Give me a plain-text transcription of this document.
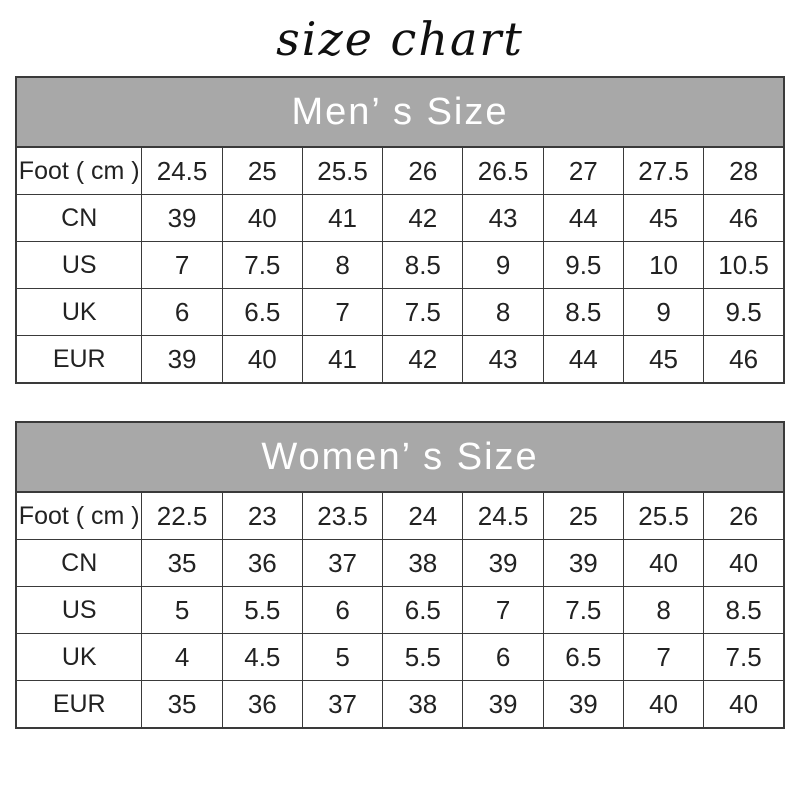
size chart
Men’ s Size								
Foot ( cm )	24.5	25	25.5	26	26.5	27	27.5	28
CN	39	40	41	42	43	44	45	46
US	7	7.5	8	8.5	9	9.5	10	10.5
UK	6	6.5	7	7.5	8	8.5	9	9.5
EUR	39	40	41	42	43	44	45	46
Women’ s Size								
Foot ( cm )	22.5	23	23.5	24	24.5	25	25.5	26
CN	35	36	37	38	39	39	40	40
US	5	5.5	6	6.5	7	7.5	8	8.5
UK	4	4.5	5	5.5	6	6.5	7	7.5
EUR	35	36	37	38	39	39	40	40
